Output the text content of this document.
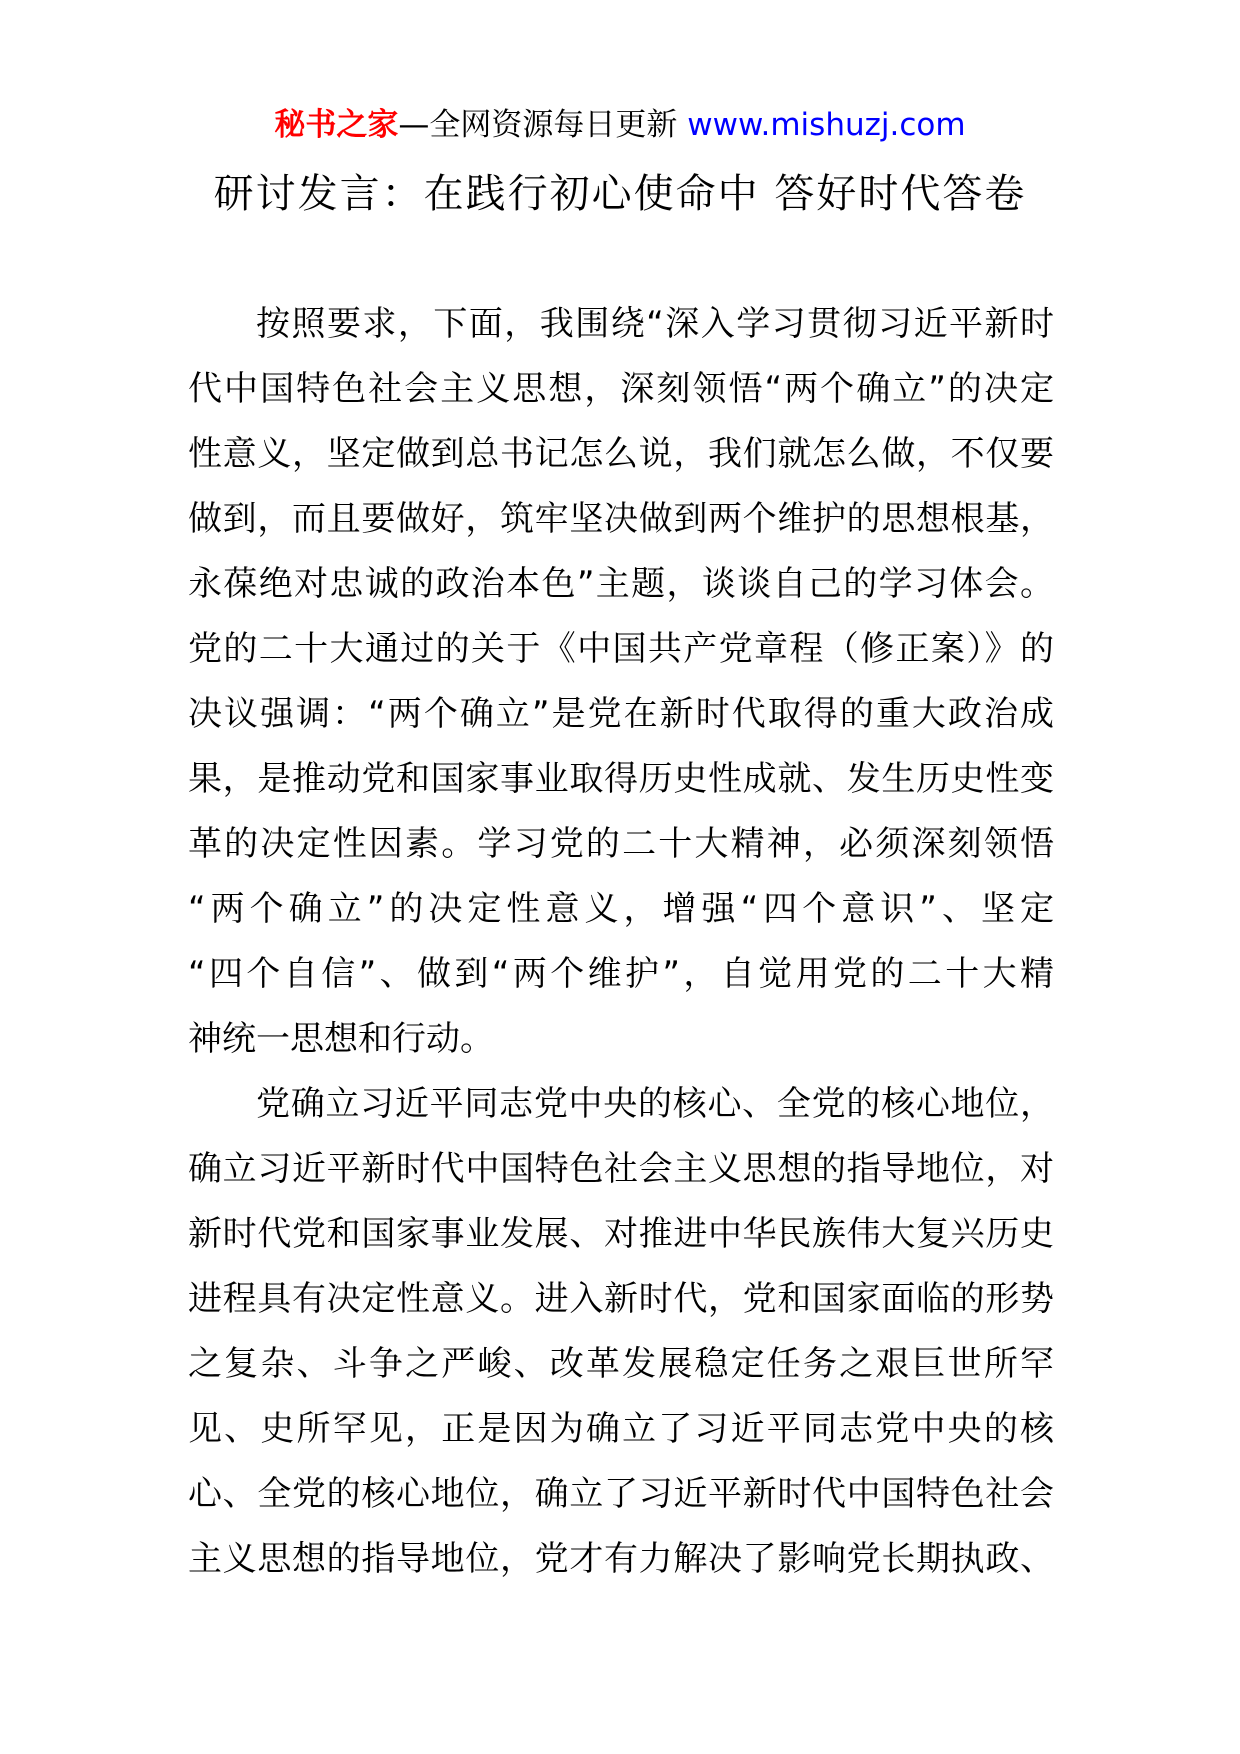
秘书之家—全网资源每日更新 www.mishuzj.com
研讨发言：在践行初心使命中 答好时代答卷
按照要求，下面，我围绕“深入学习贯彻习近平新时
代中国特色社会主义思想，深刻领悟“两个确立”的决定
性意义，坚定做到总书记怎么说，我们就怎么做，不仅要
做到，而且要做好，筑牢坚决做到两个维护的思想根基，
永葆绝对忠诚的政治本色”主题，谈谈自己的学习体会。
党的二十大通过的关于《中国共产党章程（修正案）》的
决议强调：“两个确立”是党在新时代取得的重大政治成
果，是推动党和国家事业取得历史性成就、发生历史性变
革的决定性因素。学习党的二十大精神，必须深刻领悟
“两个确立”的决定性意义，增强“四个意识”、坚定
“四个自信”、做到“两个维护”，自觉用党的二十大精
神统一思想和行动。
党确立习近平同志党中央的核心、全党的核心地位，
确立习近平新时代中国特色社会主义思想的指导地位，对
新时代党和国家事业发展、对推进中华民族伟大复兴历史
进程具有决定性意义。进入新时代，党和国家面临的形势
之复杂、斗争之严峻、改革发展稳定任务之艰巨世所罕
见、史所罕见，正是因为确立了习近平同志党中央的核
心、全党的核心地位，确立了习近平新时代中国特色社会
主义思想的指导地位，党才有力解决了影响党长期执政、
